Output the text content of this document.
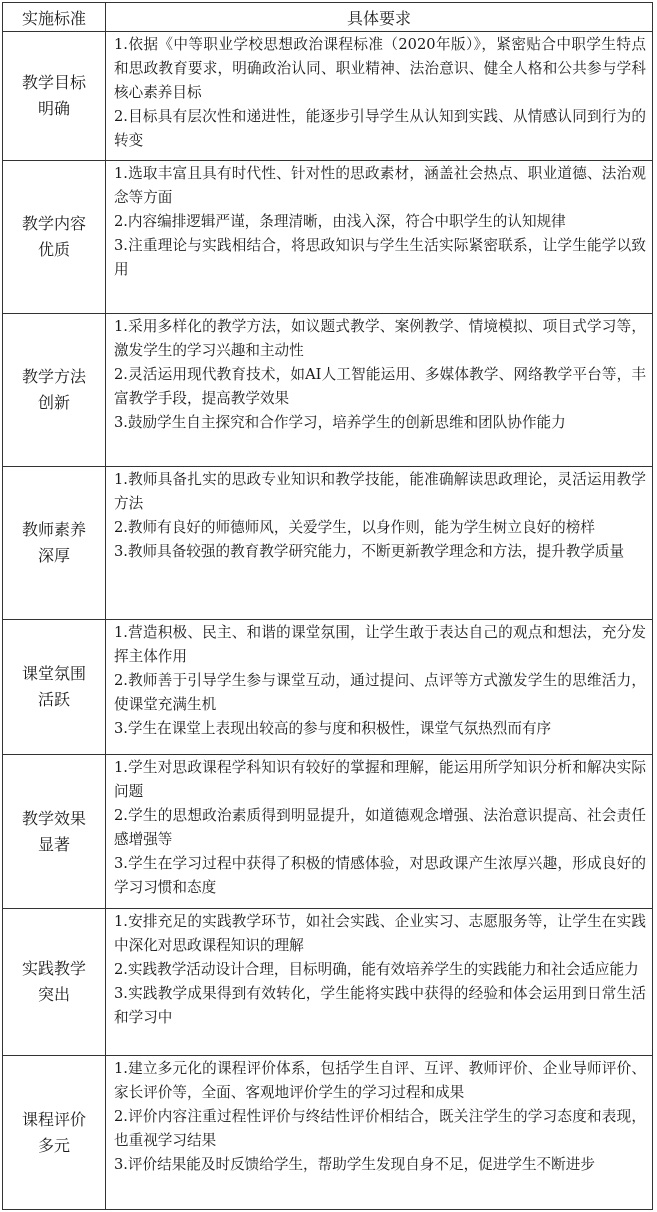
实施标准	具体要求
教学目标明确	1.依据《中等职业学校思想政治课程标准（2020年版）》，紧密贴合中职学生特点和思政教育要求，明确政治认同、职业精神、法治意识、健全人格和公共参与学科核心素养目标

2.目标具有层次性和递进性，能逐步引导学生从认知到实践、从情感认同到行为的转变

教学内容优质	1.选取丰富且具有时代性、针对性的思政素材，涵盖社会热点、职业道德、法治观念等方面

2.内容编排逻辑严谨，条理清晰，由浅入深，符合中职学生的认知规律

3.注重理论与实践相结合，将思政知识与学生生活实际紧密联系，让学生能学以致用

教学方法创新	1.采用多样化的教学方法，如议题式教学、案例教学、情境模拟、项目式学习等，激发学生的学习兴趣和主动性

2.灵活运用现代教育技术，如AI人工智能运用、多媒体教学、网络教学平台等，丰富教学手段，提高教学效果

3.鼓励学生自主探究和合作学习，培养学生的创新思维和团队协作能力

教师素养深厚	1.教师具备扎实的思政专业知识和教学技能，能准确解读思政理论，灵活运用教学方法

2.教师有良好的师德师风，关爱学生，以身作则，能为学生树立良好的榜样

3.教师具备较强的教育教学研究能力，不断更新教学理念和方法，提升教学质量

课堂氛围活跃	1.营造积极、民主、和谐的课堂氛围，让学生敢于表达自己的观点和想法，充分发挥主体作用

2.教师善于引导学生参与课堂互动，通过提问、点评等方式激发学生的思维活力，使课堂充满生机

3.学生在课堂上表现出较高的参与度和积极性，课堂气氛热烈而有序

教学效果显著	1.学生对思政课程学科知识有较好的掌握和理解，能运用所学知识分析和解决实际问题

2.学生的思想政治素质得到明显提升，如道德观念增强、法治意识提高、社会责任感增强等

3.学生在学习过程中获得了积极的情感体验，对思政课产生浓厚兴趣，形成良好的学习习惯和态度

实践教学突出	1.安排充足的实践教学环节，如社会实践、企业实习、志愿服务等，让学生在实践中深化对思政课程知识的理解

2.实践教学活动设计合理，目标明确，能有效培养学生的实践能力和社会适应能力

3.实践教学成果得到有效转化，学生能将实践中获得的经验和体会运用到日常生活和学习中

课程评价多元	1.建立多元化的课程评价体系，包括学生自评、互评、教师评价、企业导师评价、家长评价等，全面、客观地评价学生的学习过程和成果

2.评价内容注重过程性评价与终结性评价相结合，既关注学生的学习态度和表现，也重视学习结果

3.评价结果能及时反馈给学生，帮助学生发现自身不足，促进学生不断进步
